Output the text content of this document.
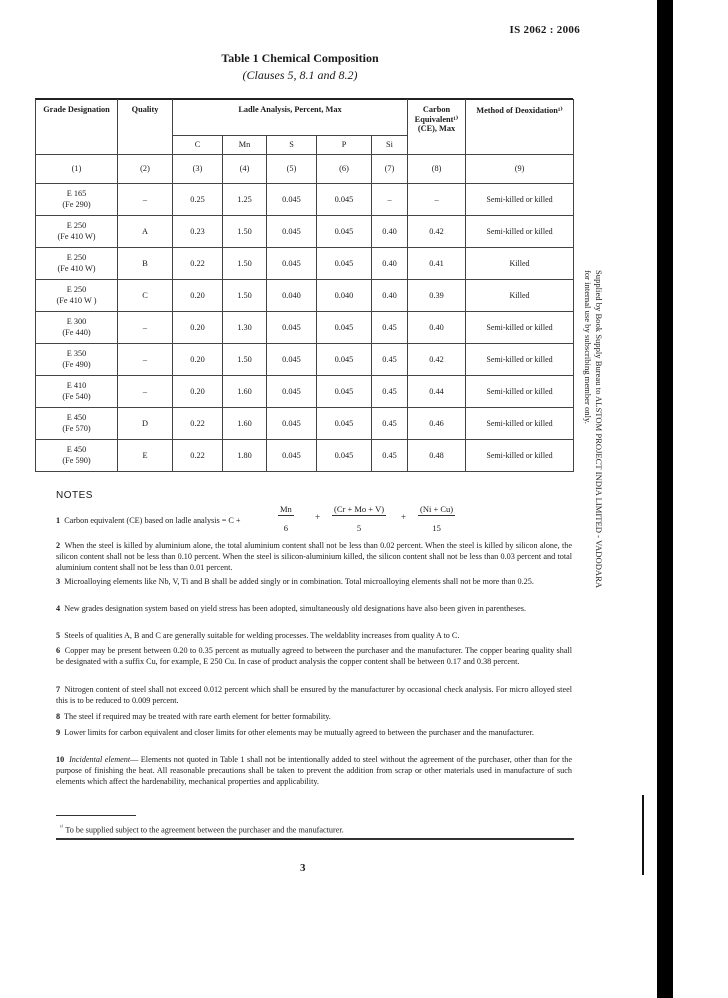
IS 2062 : 2006
Table 1 Chemical Composition
(Clauses 5, 8.1 and 8.2)
Grade Designation	Quality	Ladle Analysis, Percent, Max					Carbon Equivalent¹⁾ (CE), Max	Method of Deoxidation¹⁾
		C	Mn	S	P	Si		
(1)	(2)	(3)	(4)	(5)	(6)	(7)	(8)	(9)

E 165
(Fe 290)	–	0.25	1.25	0.045	0.045	–	–	Semi-killed or killed

E 250
(Fe 410 W)	A	0.23	1.50	0.045	0.045	0.40	0.42	Semi-killed or killed

E 250
(Fe 410 W)	B	0.22	1.50	0.045	0.045	0.40	0.41	Killed

E 250
(Fe 410 W )	C	0.20	1.50	0.040	0.040	0.40	0.39	Killed

E 300
(Fe 440)	–	0.20	1.30	0.045	0.045	0.45	0.40	Semi-killed or killed

E 350
(Fe 490)	–	0.20	1.50	0.045	0.045	0.45	0.42	Semi-killed or killed

E 410
(Fe 540)	–	0.20	1.60	0.045	0.045	0.45	0.44	Semi-killed or killed

E 450
(Fe 570)	D	0.22	1.60	0.045	0.045	0.45	0.46	Semi-killed or killed

E 450
(Fe 590)	E	0.22	1.80	0.045	0.045	0.45	0.48	Semi-killed or killed
NOTES
1 Carbon equivalent (CE) based on ladle analysis = C +	$\frac{Mn}{6} + \frac{(Cr + Mo + V)}{5} + \frac{(Ni + Cu)}{15}$
2 When the steel is killed by aluminium alone, the total aluminium content shall not be less than 0.02 percent. When the steel is killed by silicon alone, the silicon content shall not be less than 0.10 percent. When the steel is silicon-aluminium killed, the silicon content shall not be less than 0.03 percent and total aluminium content shall not be less than 0.01 percent.
3 Microalloying elements like Nb, V, Ti and B shall be added singly or in combination. Total microalloying elements shall not be more than 0.25.
4 New grades designation system based on yield stress has been adopted, simultaneously old designations have also been given in parentheses.
5 Steels of qualities A, B and C are generally suitable for welding processes. The weldablity increases from quality A to C.
6 Copper may be present between 0.20 to 0.35 percent as mutually agreed to between the purchaser and the manufacturer. The copper bearing quality shall be designated with a suffix Cu, for example, E 250 Cu. In case of product analysis the copper content shall be between 0.17 and 0.38 percent.
7 Nitrogen content of steel shall not exceed 0.012 percent which shall be ensured by the manufacturer by occasional check analysis. For micro alloyed steel this is to be reduced to 0.009 percent.
8 The steel if required may be treated with rare earth element for better formability.
9 Lower limits for carbon equivalent and closer limits for other elements may be mutually agreed to between the purchaser and the manufacturer.
10 Incidental element— Elements not quoted in Table 1 shall not be intentionally added to steel without the agreement of the purchaser, other than for the purpose of finishing the heat. All reasonable precautions shall be taken to prevent the addition from scrap or other materials used in manufacture of such elements which affect the hardenability, mechanical properties and applicability.
$^{^{1)}}$ To be supplied subject to the agreement between the purchaser and the manufacturer.
3
Supplied by Book Supply Bureau to ALSTOM PROJECT INDIA LIMITED - VADODARA
for internal use by subscribing member only.
